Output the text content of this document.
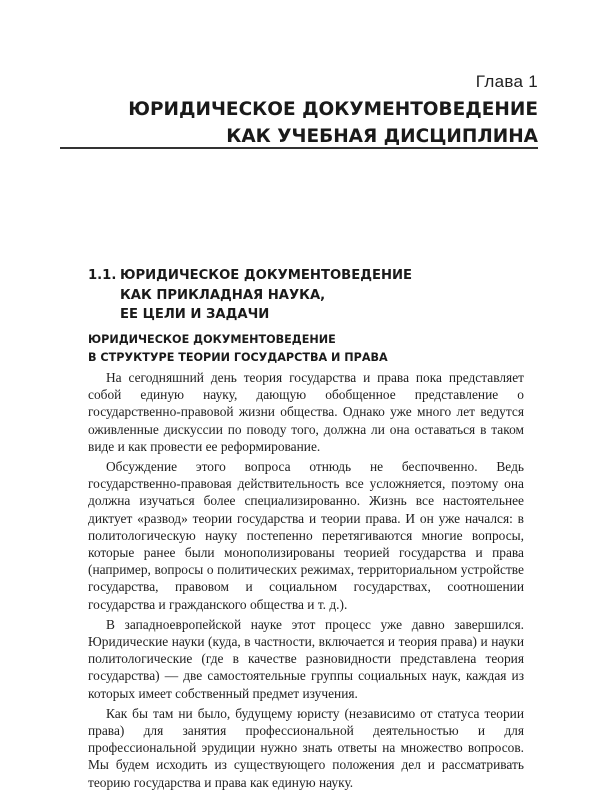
Глава 1
ЮРИДИЧЕСКОЕ ДОКУМЕНТОВЕДЕНИЕ
КАК УЧЕБНАЯ ДИСЦИПЛИНА
1.1. ЮРИДИЧЕСКОЕ ДОКУМЕНТОВЕДЕНИЕ
КАК ПРИКЛАДНАЯ НАУКА,
ЕЕ ЦЕЛИ И ЗАДАЧИ
ЮРИДИЧЕСКОЕ ДОКУМЕНТОВЕДЕНИЕ
В СТРУКТУРЕ ТЕОРИИ ГОСУДАРСТВА И ПРАВА

На сегодняшний день теория государства и права пока представляет собой единую науку, дающую обобщенное представление о государственно-правовой жизни общества. Однако уже много лет ведутся оживленные дискуссии по поводу того, должна ли она оставаться в таком виде и как провести ее реформирование.

Обсуждение этого вопроса отнюдь не беспочвенно. Ведь государственно-правовая действительность все усложняется, поэтому она должна изучаться более специализированно. Жизнь все настоятельнее диктует «развод» теории государства и теории права. И он уже начался: в политологическую науку постепенно перетягиваются многие вопросы, которые ранее были монополизированы теорией государства и права (например, вопросы о политических режимах, территориальном устройстве государства, правовом и социальном государствах, соотношении государства и гражданского общества и т. д.).

В западноевропейской науке этот процесс уже давно завершился. Юридические науки (куда, в частности, включается и теория права) и науки политологические (где в качестве разновидности представлена теория государства) — две самостоятельные группы социальных наук, каждая из которых имеет собственный предмет изучения.

Как бы там ни было, будущему юристу (независимо от статуса теории права) для занятия профессиональной деятельностью и для профессиональной эрудиции нужно знать ответы на множество вопросов. Мы будем исходить из существующего положения дел и рассматривать теорию государства и права как единую науку.
